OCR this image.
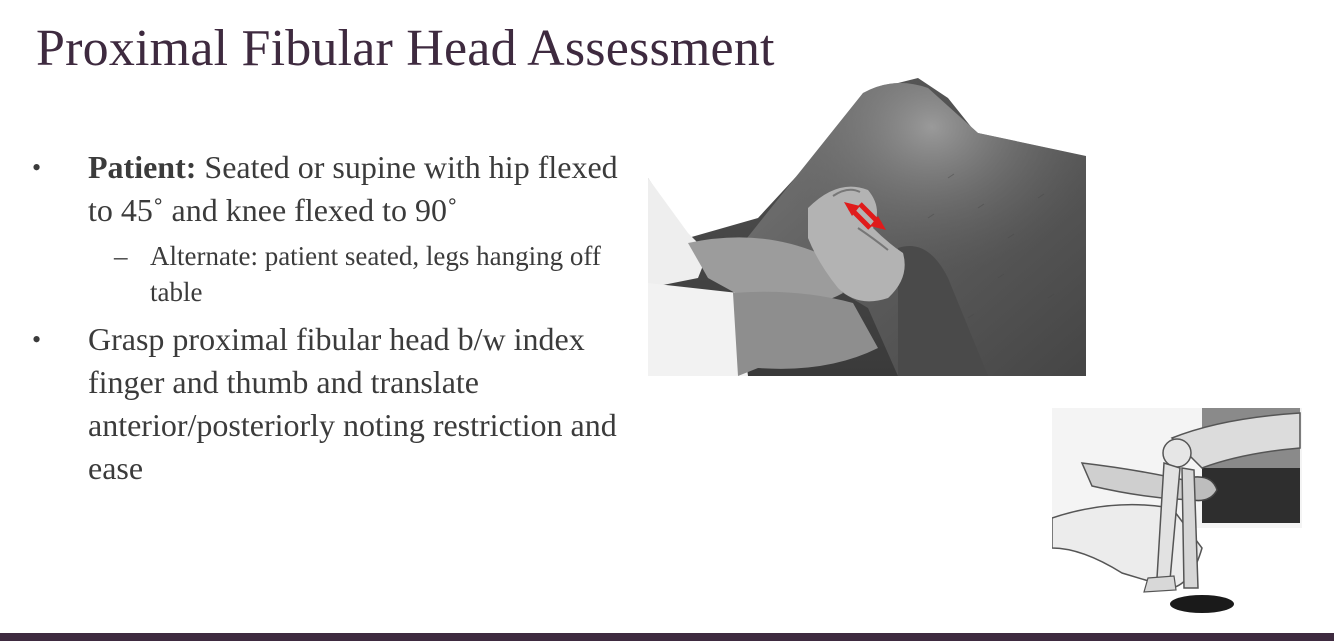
Proximal Fibular Head Assessment
• Patient: Seated or supine with hip flexed to 45˚ and knee flexed to 90˚
– Alternate: patient seated, legs hanging off table
• Grasp proximal fibular head b/w index finger and thumb and translate anterior/posteriorly noting restriction and ease
